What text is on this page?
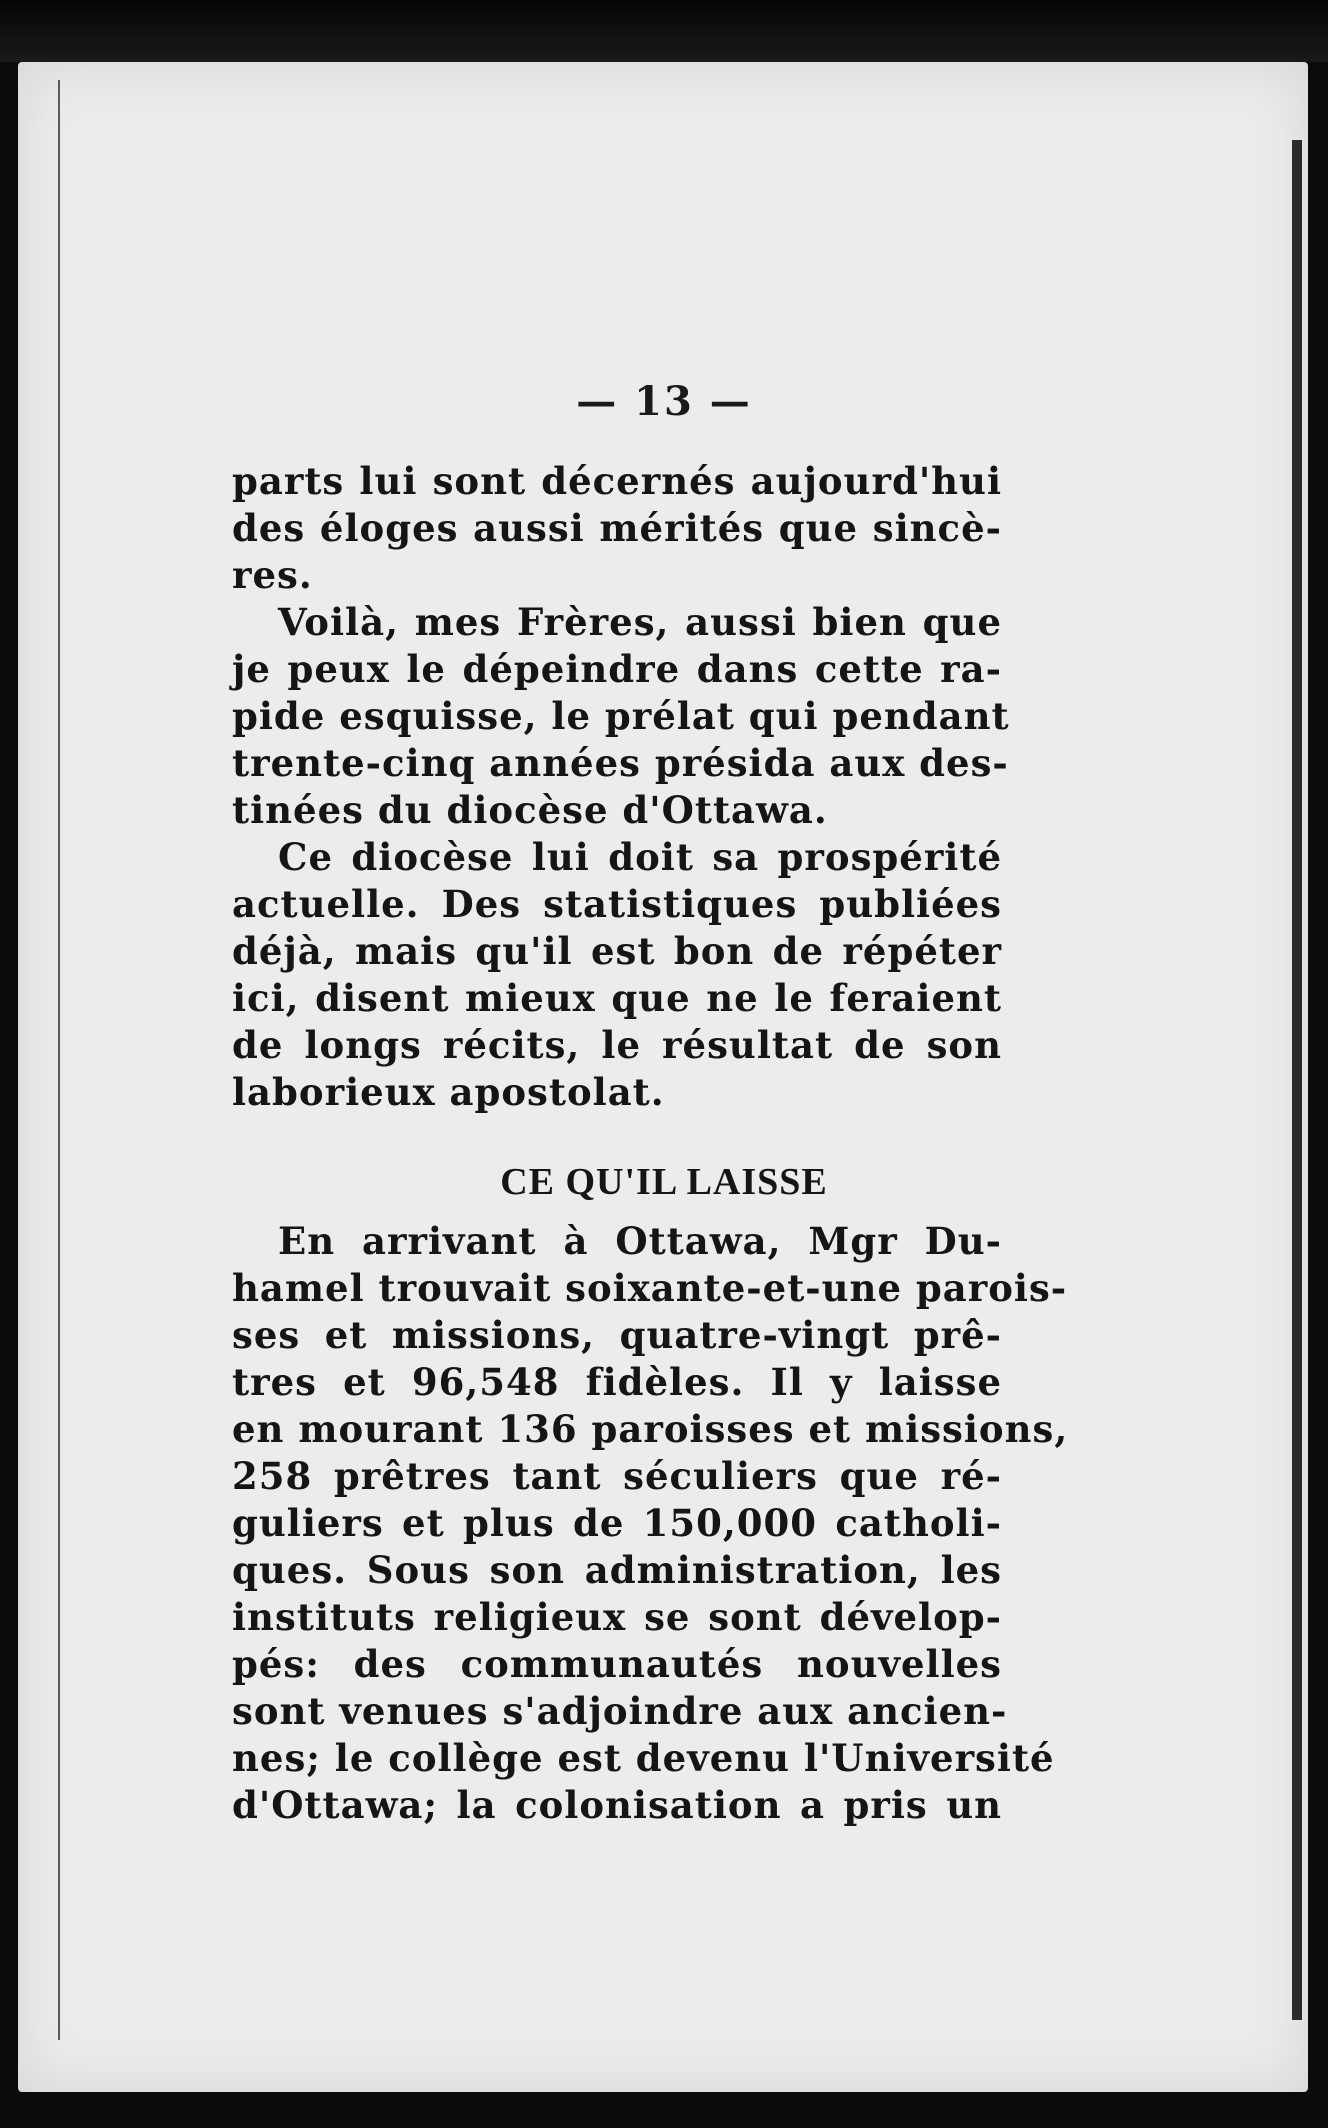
— 13 —
parts lui sont décernés aujourd'hui
des éloges aussi mérités que sincè-
res.
Voilà, mes Frères, aussi bien que
je peux le dépeindre dans cette ra-
pide esquisse, le prélat qui pendant
trente-cinq années présida aux des-
tinées du diocèse d'Ottawa.
Ce diocèse lui doit sa prospérité
actuelle. Des statistiques publiées
déjà, mais qu'il est bon de répéter
ici, disent mieux que ne le feraient
de longs récits, le résultat de son
laborieux apostolat.
CE QU'IL LAISSE
En arrivant à Ottawa, Mgr Du-
hamel trouvait soixante-et-une parois-
ses et missions, quatre-vingt prê-
tres et 96,548 fidèles. Il y laisse
en mourant 136 paroisses et missions,
258 prêtres tant séculiers que ré-
guliers et plus de 150,000 catholi-
ques. Sous son administration, les
instituts religieux se sont dévelop-
pés: des communautés nouvelles
sont venues s'adjoindre aux ancien-
nes; le collège est devenu l'Université
d'Ottawa; la colonisation a pris un
